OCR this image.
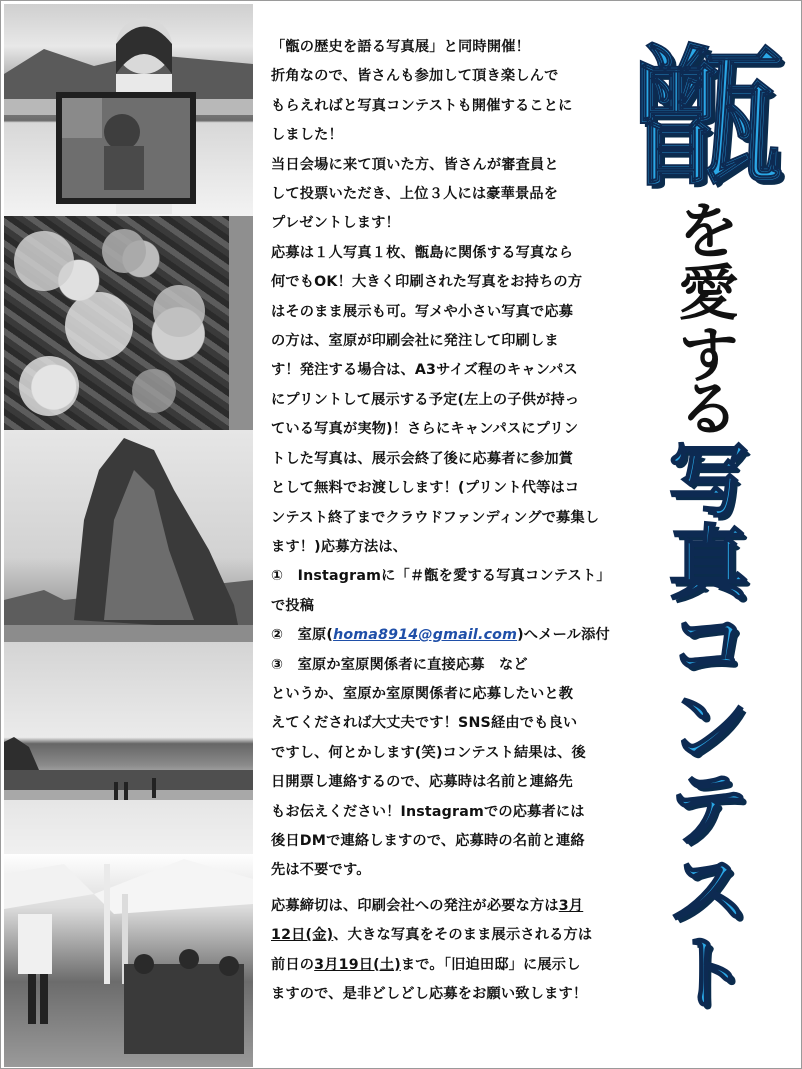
「甑の歴史を語る写真展」と同時開催！

折角なので、皆さんも参加して頂き楽しんで

もらえればと写真コンテストも開催することに

しました！

当日会場に来て頂いた方、皆さんが審査員と

して投票いただき、上位３人には豪華景品を

プレゼントします！

応募は１人写真１枚、甑島に関係する写真なら

何でもOK！大きく印刷された写真をお持ちの方

はそのまま展示も可。写メや小さい写真で応募

の方は、室原が印刷会社に発注して印刷しま

す！発注する場合は、A3サイズ程のキャンパス

にプリントして展示する予定(左上の子供が持っ

ている写真が実物)！さらにキャンパスにプリン

トした写真は、展示会終了後に応募者に参加賞

として無料でお渡しします！(プリント代等はコ

ンテスト終了までクラウドファンディングで募集し

ます！)応募方法は、

①　Instagramに「＃甑を愛する写真コンテスト」

で投稿

②　室原(homa8914@gmail.com)へメール添付

③　室原か室原関係者に直接応募　など

というか、室原か室原関係者に応募したいと教

えてくだされば大丈夫です！SNS経由でも良い

ですし、何とかします(笑)コンテスト結果は、後

日開票し連絡するので、応募時は名前と連絡先

もお伝えください！Instagramでの応募者には

後日DMで連絡しますので、応募時の名前と連絡

先は不要です。

応募締切は、印刷会社への発注が必要な方は3月

12日(金)、大きな写真をそのまま展示される方は

前日の3月19日(土)まで。「旧迫田邸」に展示し

ますので、是非どしどし応募をお願い致します！

甑
を
愛
す
る
写
真
コ
ン
テ
ス
ト
